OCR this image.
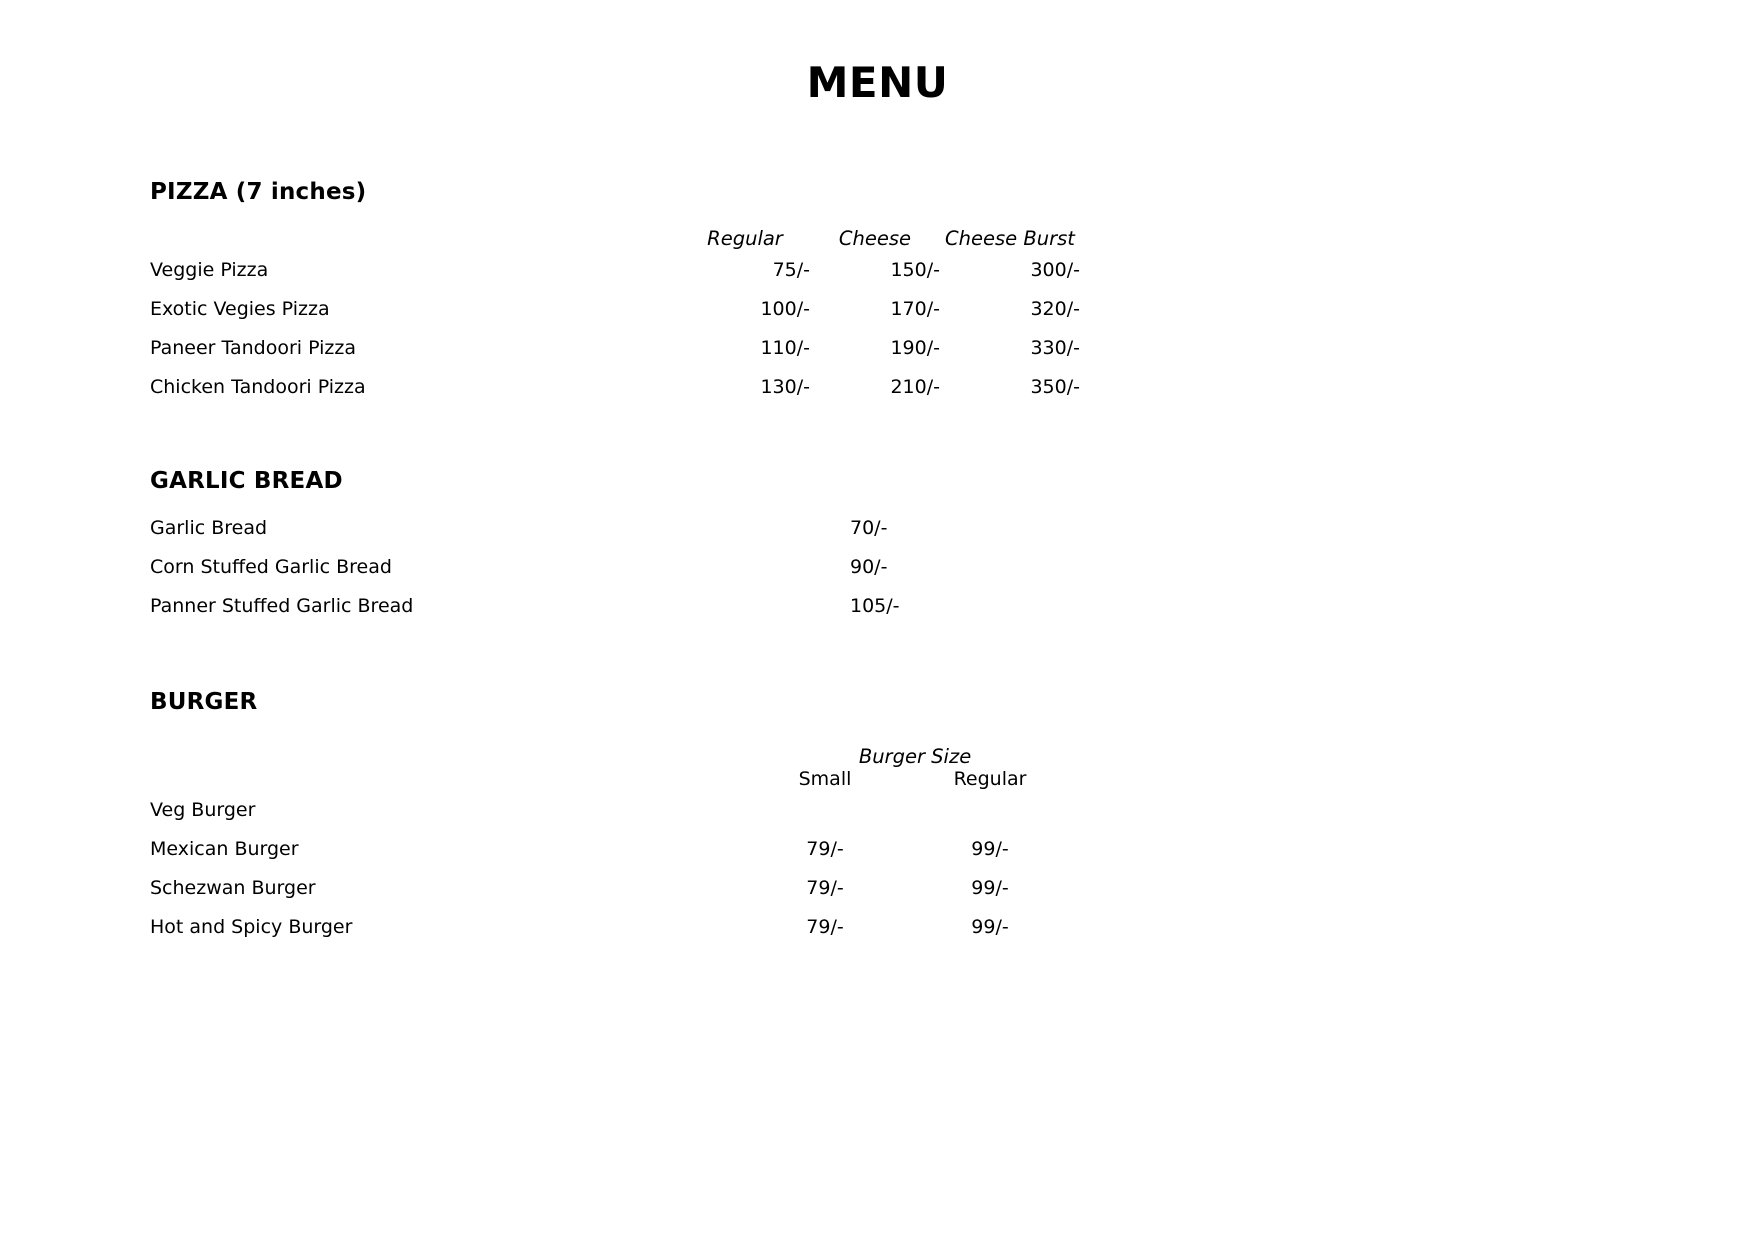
MENU
PIZZA (7 inches)
	Regular	Cheese	Cheese Burst
Veggie Pizza	75/-	150/-	300/-
Exotic Vegies Pizza	100/-	170/-	320/-
Paneer Tandoori Pizza	110/-	190/-	330/-
Chicken Tandoori Pizza	130/-	210/-	350/-
GARLIC BREAD
Garlic Bread	70/-
Corn Stuffed Garlic Bread	90/-
Panner Stuffed Garlic Bread	105/-
BURGER
	Burger Size	
	Small	Regular
Veg Burger		
Mexican Burger	79/-	99/-
Schezwan Burger	79/-	99/-
Hot and Spicy Burger	79/-	99/-
